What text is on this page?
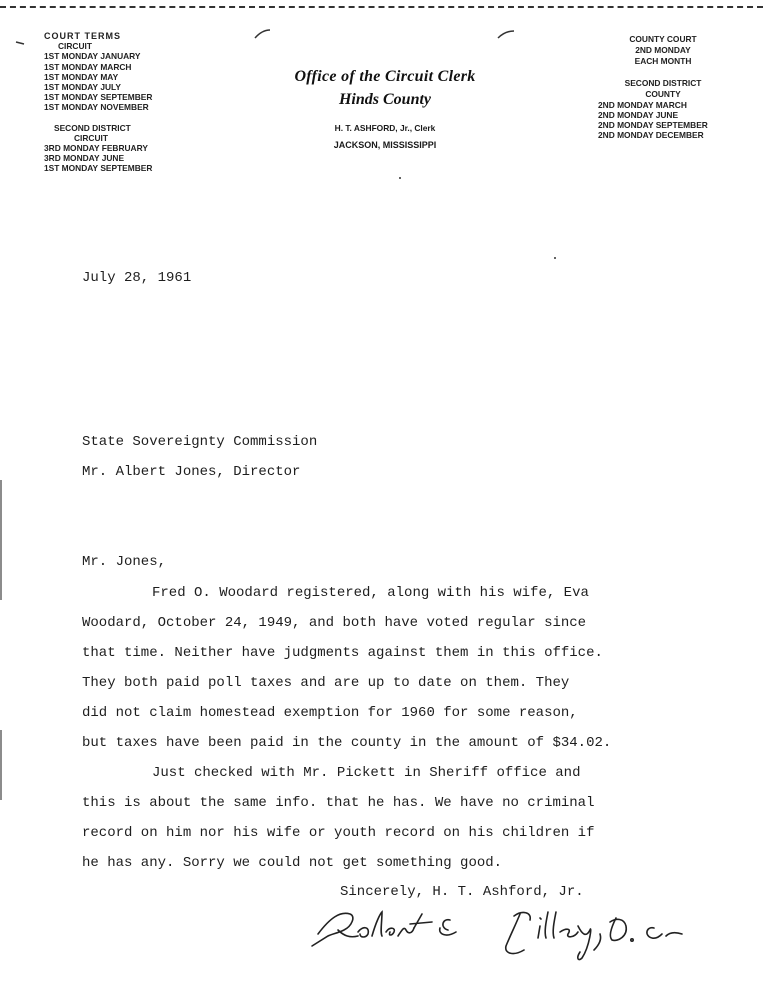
COURT TERMS
CIRCUIT
1ST MONDAY JANUARY
1ST MONDAY MARCH
1ST MONDAY MAY
1ST MONDAY JULY
1ST MONDAY SEPTEMBER
1ST MONDAY NOVEMBER
SECOND DISTRICT
CIRCUIT
3RD MONDAY FEBRUARY
3RD MONDAY JUNE
1ST MONDAY SEPTEMBER
Office of the Circuit Clerk
Hinds County
H. T. ASHFORD, Jr., Clerk
JACKSON, MISSISSIPPI
COUNTY COURT
2ND MONDAY
EACH MONTH
SECOND DISTRICT
COUNTY
2ND MONDAY MARCH
2ND MONDAY JUNE
2ND MONDAY SEPTEMBER
2ND MONDAY DECEMBER
July 28, 1961
State Sovereignty Commission
Mr. Albert Jones, Director
Mr. Jones,
Fred O. Woodard registered, along with his wife, Eva
Woodard, October 24, 1949, and both have voted regular since
that time. Neither have judgments against them in this office.
They both paid poll taxes and are up to date on them. They
did not claim homestead exemption for 1960 for some reason,
but taxes have been paid in the county in the amount of $34.02.
Just checked with Mr. Pickett in Sheriff office and
this is about the same info. that he has. We have no criminal
record on him nor his wife or youth record on his children if
he has any. Sorry we could not get something good.
Sincerely, H. T. Ashford, Jr.
